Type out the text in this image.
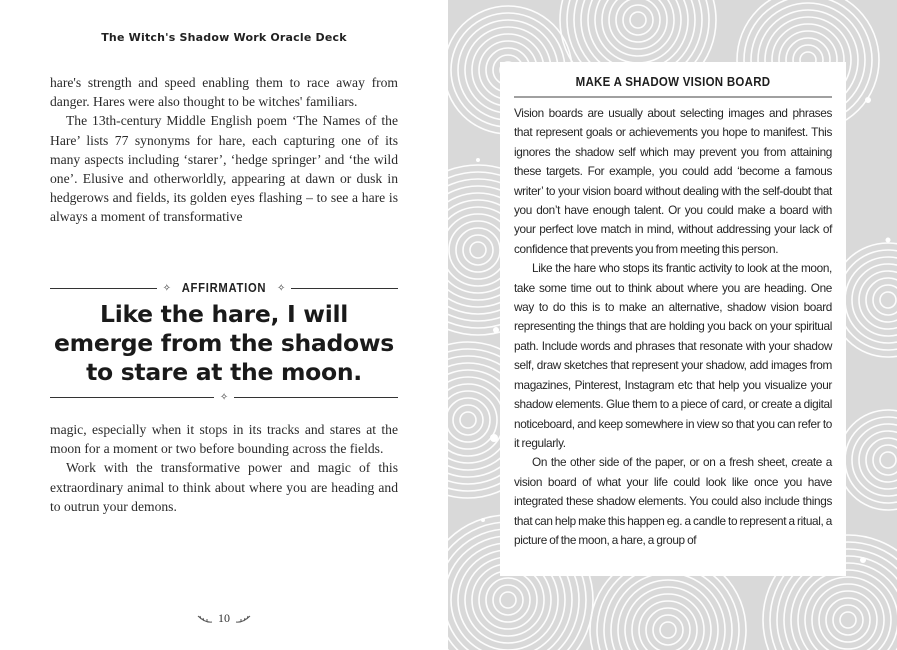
The Witch's Shadow Work Oracle Deck

hare's strength and speed enabling them to race away from danger. Hares were also thought to be witches' familiars.

The 13th-century Middle English poem ‘The Names of the Hare’ lists 77 synonyms for hare, each capturing one of its many aspects including ‘starer’, ‘hedge springer’ and ‘the wild one’. Elusive and otherworldly, appearing at dawn or dusk in hedgerows and fields, its golden eyes flashing – to see a hare is always a moment of transformative

✧ AFFIRMATION ✧
Like the hare, I will emerge from the shadows to stare at the moon.
✧

magic, especially when it stops in its tracks and stares at the moon for a moment or two before bounding across the fields.

Work with the transformative power and magic of this extraordinary animal to think about where you are heading and to outrun your demons.

10
MAKE A SHADOW VISION BOARD

Vision boards are usually about selecting images and phrases that represent goals or achievements you hope to manifest. This ignores the shadow self which may prevent you from attaining these targets. For example, you could add ‘become a famous writer’ to your vision board without dealing with the self-doubt that you don’t have enough talent. Or you could make a board with your perfect love match in mind, without addressing your lack of confidence that prevents you from meeting this person.

Like the hare who stops its frantic activity to look at the moon, take some time out to think about where you are heading. One way to do this is to make an alternative, shadow vision board representing the things that are holding you back on your spiritual path. Include words and phrases that resonate with your shadow self, draw sketches that represent your shadow, add images from magazines, Pinterest, Instagram etc that help you visualize your shadow elements. Glue them to a piece of card, or create a digital noticeboard, and keep somewhere in view so that you can refer to it regularly.

On the other side of the paper, or on a fresh sheet, create a vision board of what your life could look like once you have integrated these shadow elements. You could also include things that can help make this happen eg. a candle to represent a ritual, a picture of the moon, a hare, a group of
